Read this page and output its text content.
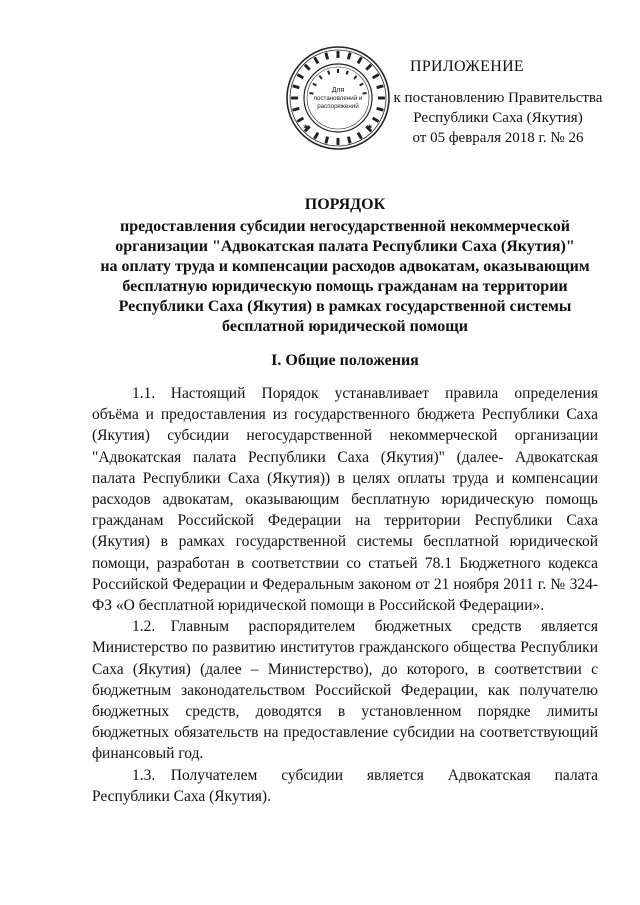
✶	✶
Для
постановлений и
распоряжений
ПРИЛОЖЕНИЕ
к постановлению Правительства
Республики Саха (Якутия)
от 05 февраля 2018 г. № 26
ПОРЯДОК
предоставления субсидии негосударственной некоммерческой
организации "Адвокатская палата Республики Саха (Якутия)"
на оплату труда и компенсации расходов адвокатам, оказывающим
бесплатную юридическую помощь гражданам на территории
Республики Саха (Якутия) в рамках государственной системы
бесплатной юридической помощи
I. Общие положения

1.1. Настоящий Порядок устанавливает правила определения объёма и предоставления из государственного бюджета Республики Саха (Якутия) субсидии негосударственной некоммерческой организации "Адвокатская палата Республики Саха (Якутия)" (далее- Адвокатская палата Республики Саха (Якутия)) в целях оплаты труда и компенсации расходов адвокатам, оказывающим бесплатную юридическую помощь гражданам Российской Федерации на территории Республики Саха (Якутия) в рамках государственной системы бесплатной юридической помощи, разработан в соответствии со статьей 78.1 Бюджетного кодекса Российской Федерации и Федеральным законом от 21 ноября 2011 г. № 324-ФЗ «О бесплатной юридической помощи в Российской Федерации».

1.2. Главным распорядителем бюджетных средств является Министерство по развитию институтов гражданского общества Республики Саха (Якутия) (далее – Министерство), до которого, в соответствии с бюджетным законодательством Российской Федерации, как получателю бюджетных средств, доводятся в установленном порядке лимиты бюджетных обязательств на предоставление субсидии на соответствующий финансовый год.

1.3. Получателем субсидии является Адвокатская палата Республики Саха (Якутия).
